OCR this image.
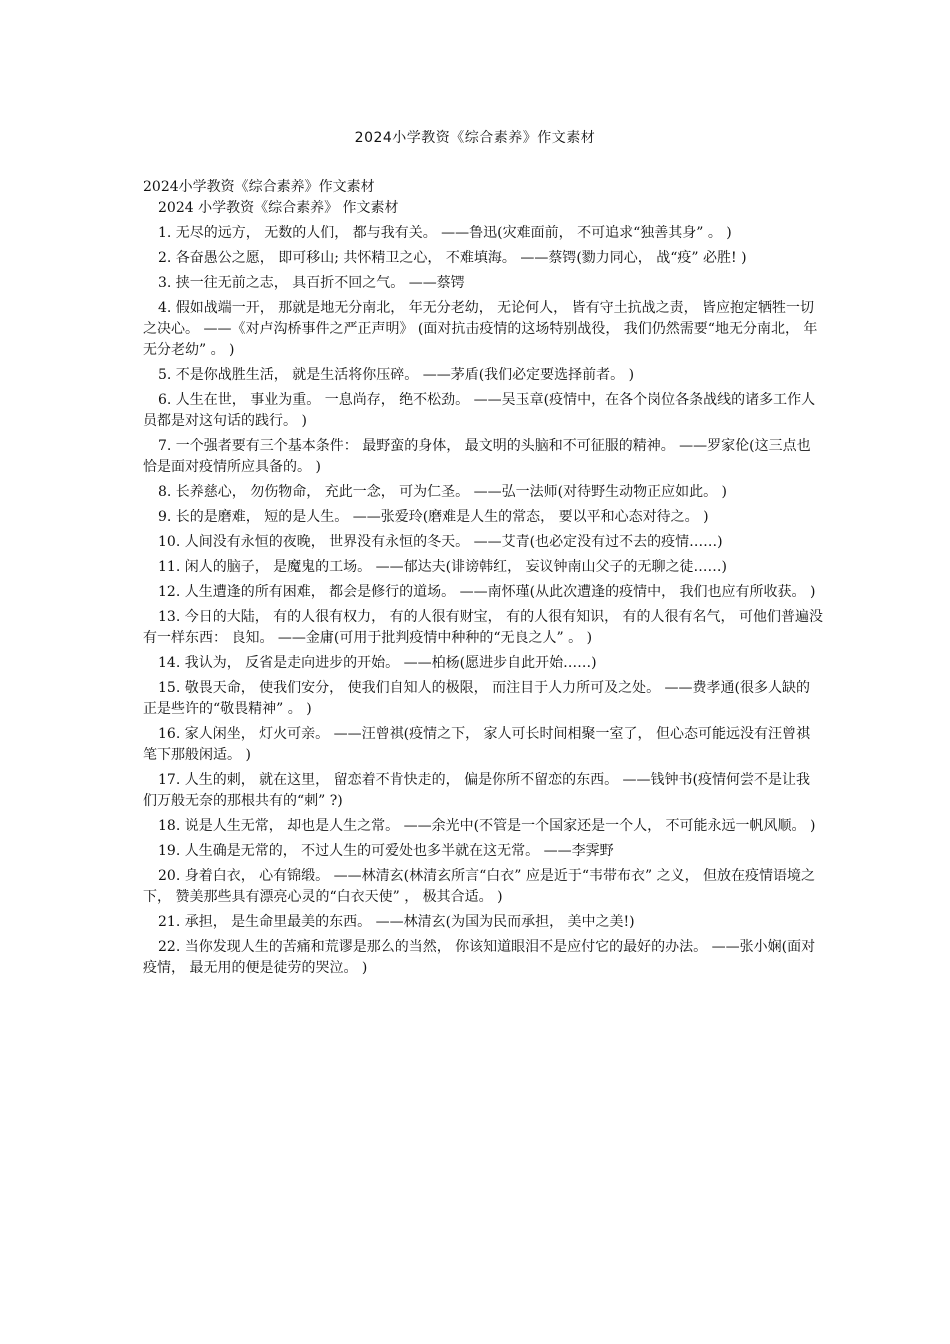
2024小学教资《综合素养》作文素材

2024小学教资《综合素养》作文素材

2024 小学教资《综合素养》 作文素材

1. 无尽的远方， 无数的人们， 都与我有关。 ——鲁迅(灾难面前， 不可追求“独善其身” 。 )

2. 各奋愚公之愿， 即可移山; 共怀精卫之心， 不难填海。 ——蔡锷(勠力同心， 战“疫” 必胜! )

3. 挟一往无前之志， 具百折不回之气。 ——蔡锷

4. 假如战端一开， 那就是地无分南北， 年无分老幼， 无论何人， 皆有守土抗战之责， 皆应抱定牺牲一切之决心。 ——《对卢沟桥事件之严正声明》 (面对抗击疫情的这场特别战役， 我们仍然需要“地无分南北， 年无分老幼” 。 )

5. 不是你战胜生活， 就是生活将你压碎。 ——茅盾(我们必定要选择前者。 )

6. 人生在世， 事业为重。 一息尚存， 绝不松劲。 ——吴玉章(疫情中，在各个岗位各条战线的诸多工作人员都是对这句话的践行。 )

7. 一个强者要有三个基本条件： 最野蛮的身体， 最文明的头脑和不可征服的精神。 ——罗家伦(这三点也恰是面对疫情所应具备的。 )

8. 长养慈心， 勿伤物命， 充此一念， 可为仁圣。 ——弘一法师(对待野生动物正应如此。 )

9. 长的是磨难， 短的是人生。 ——张爱玲(磨难是人生的常态， 要以平和心态对待之。 )

10. 人间没有永恒的夜晚， 世界没有永恒的冬天。 ——艾青(也必定没有过不去的疫情……)

11. 闲人的脑子， 是魔鬼的工场。 ——郁达夫(诽谤韩红， 妄议钟南山父子的无聊之徒……)

12. 人生遭逢的所有困难， 都会是修行的道场。 ——南怀瑾(从此次遭逢的疫情中， 我们也应有所收获。 )

13. 今日的大陆， 有的人很有权力， 有的人很有财宝， 有的人很有知识， 有的人很有名气， 可他们普遍没有一样东西： 良知。 ——金庸(可用于批判疫情中种种的“无良之人” 。 )

14. 我认为， 反省是走向进步的开始。 ——柏杨(愿进步自此开始……)

15. 敬畏天命， 使我们安分， 使我们自知人的极限， 而注目于人力所可及之处。 ——费孝通(很多人缺的正是些许的“敬畏精神” 。 )

16. 家人闲坐， 灯火可亲。 ——汪曾祺(疫情之下， 家人可长时间相聚一室了， 但心态可能远没有汪曾祺笔下那般闲适。 )

17. 人生的刺， 就在这里， 留恋着不肯快走的， 偏是你所不留恋的东西。 ——钱钟书(疫情何尝不是让我们万般无奈的那根共有的“刺” ?)

18. 说是人生无常， 却也是人生之常。 ——余光中(不管是一个国家还是一个人， 不可能永远一帆风顺。 )

19. 人生确是无常的， 不过人生的可爱处也多半就在这无常。 ——李霁野

20. 身着白衣， 心有锦缎。 ——林清玄(林清玄所言“白衣” 应是近于“韦带布衣” 之义， 但放在疫情语境之下， 赞美那些具有漂亮心灵的“白衣天使” ， 极其合适。 )

21. 承担， 是生命里最美的东西。 ——林清玄(为国为民而承担， 美中之美!)

22. 当你发现人生的苦痛和荒谬是那么的当然， 你该知道眼泪不是应付它的最好的办法。 ——张小娴(面对疫情， 最无用的便是徒劳的哭泣。 )
